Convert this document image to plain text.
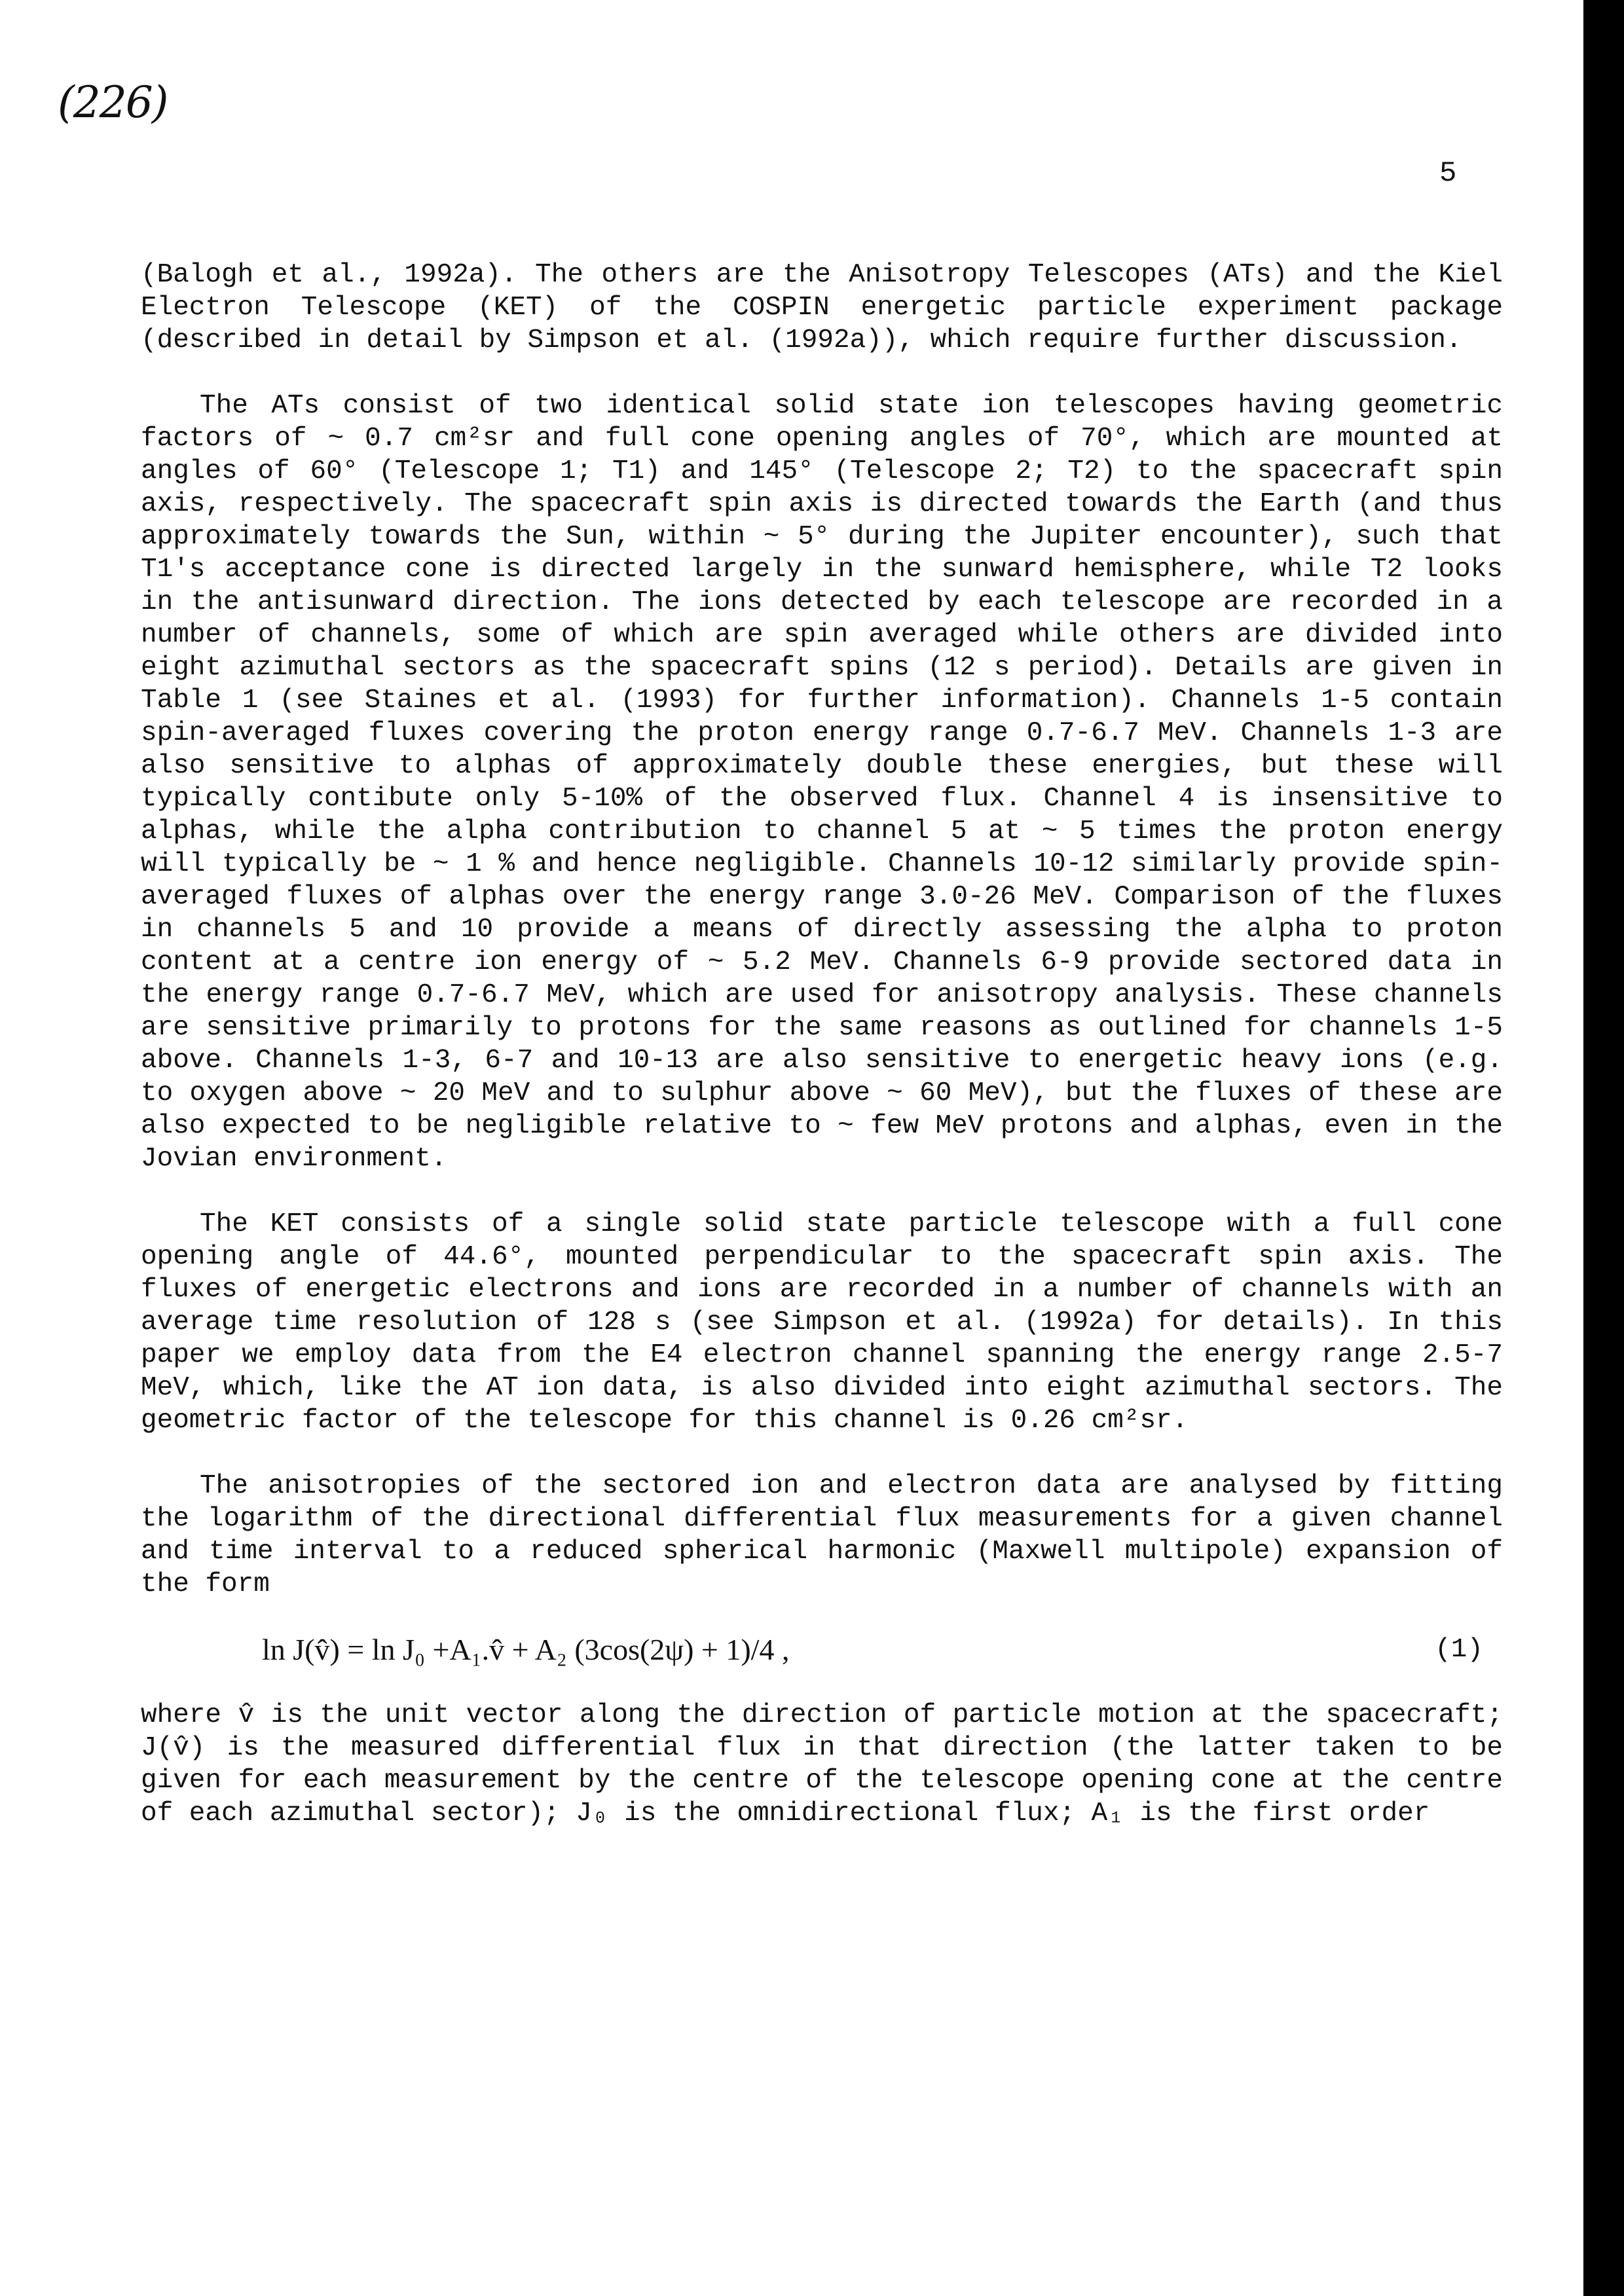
(226)
5

(Balogh et al., 1992a). The others are the Anisotropy Telescopes (ATs) and the Kiel Electron Telescope (KET) of the COSPIN energetic particle experiment package (described in detail by Simpson et al. (1992a)), which require further discussion.

The ATs consist of two identical solid state ion telescopes having geometric factors of ~ 0.7 cm²sr and full cone opening angles of 70°, which are mounted at angles of 60° (Telescope 1; T1) and 145° (Telescope 2; T2) to the spacecraft spin axis, respectively. The spacecraft spin axis is directed towards the Earth (and thus approximately towards the Sun, within ~ 5° during the Jupiter encounter), such that T1's acceptance cone is directed largely in the sunward hemisphere, while T2 looks in the antisunward direction. The ions detected by each telescope are recorded in a number of channels, some of which are spin averaged while others are divided into eight azimuthal sectors as the spacecraft spins (12 s period). Details are given in Table 1 (see Staines et al. (1993) for further information). Channels 1-5 contain spin-averaged fluxes covering the proton energy range 0.7-6.7 MeV. Channels 1-3 are also sensitive to alphas of approximately double these energies, but these will typically contibute only 5-10% of the observed flux. Channel 4 is insensitive to alphas, while the alpha contribution to channel 5 at ~ 5 times the proton energy will typically be ~ 1 % and hence negligible. Channels 10-12 similarly provide spin-averaged fluxes of alphas over the energy range 3.0-26 MeV. Comparison of the fluxes in channels 5 and 10 provide a means of directly assessing the alpha to proton content at a centre ion energy of ~ 5.2 MeV. Channels 6-9 provide sectored data in the energy range 0.7-6.7 MeV, which are used for anisotropy analysis. These channels are sensitive primarily to protons for the same reasons as outlined for channels 1-5 above. Channels 1-3, 6-7 and 10-13 are also sensitive to energetic heavy ions (e.g. to oxygen above ~ 20 MeV and to sulphur above ~ 60 MeV), but the fluxes of these are also expected to be negligible relative to ~ few MeV protons and alphas, even in the Jovian environment.

The KET consists of a single solid state particle telescope with a full cone opening angle of 44.6°, mounted perpendicular to the spacecraft spin axis. The fluxes of energetic electrons and ions are recorded in a number of channels with an average time resolution of 128 s (see Simpson et al. (1992a) for details). In this paper we employ data from the E4 electron channel spanning the energy range 2.5-7 MeV, which, like the AT ion data, is also divided into eight azimuthal sectors. The geometric factor of the telescope for this channel is 0.26 cm²sr.

The anisotropies of the sectored ion and electron data are analysed by fitting the logarithm of the directional differential flux measurements for a given channel and time interval to a reduced spherical harmonic (Maxwell multipole) expansion of the form

ln J(v̂) = ln J₀ +A₁.v̂ + A₂ (3cos(2ψ) + 1)/4 ,	(1)

where v̂ is the unit vector along the direction of particle motion at the spacecraft; J(v̂) is the measured differential flux in that direction (the latter taken to be given for each measurement by the centre of the telescope opening cone at the centre of each azimuthal sector); J₀ is the omnidirectional flux; A₁ is the first order
